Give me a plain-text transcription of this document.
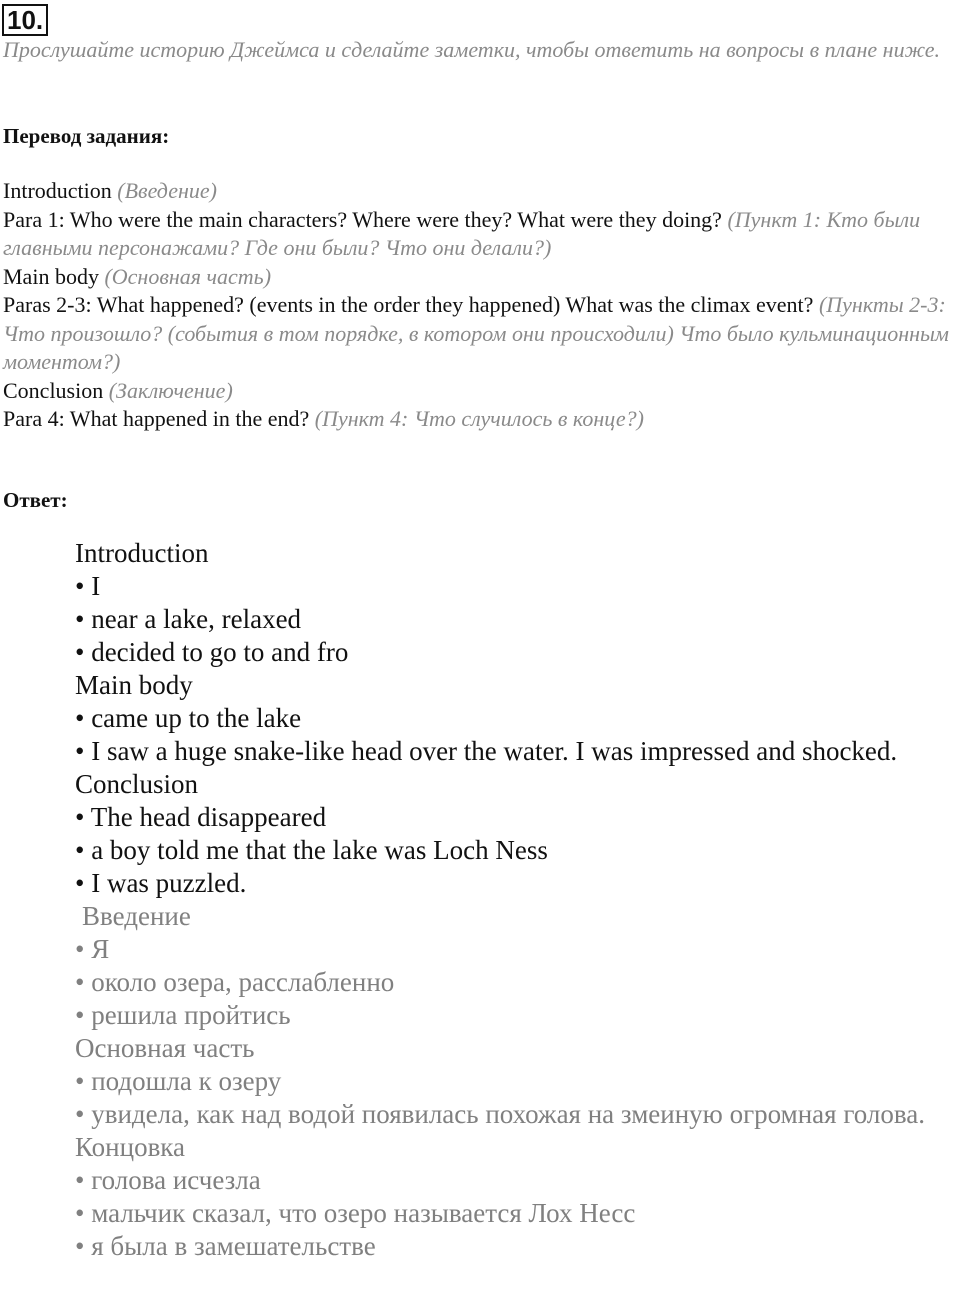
10.
Прослушайте историю Джеймса и сделайте заметки, чтобы ответить на вопросы в плане ниже.
Перевод задания:
Introduction (Введение)
Para 1: Who were the main characters? Where were they? What were they doing? (Пункт 1: Кто были главными персонажами? Где они были? Что они делали?)
Main body (Основная часть)
Paras 2-3: What happened? (events in the order they happened) What was the climax event? (Пункты 2-3: Что произошло? (события в том порядке, в котором они происходили) Что было кульминационным моментом?)
Conclusion (Заключение)
Para 4: What happened in the end? (Пункт 4: Что случилось в конце?)
Ответ:
Introduction
• I
• near a lake, relaxed
• decided to go to and fro
Main body
• came up to the lake
• I saw a huge snake-like head over the water. I was impressed and shocked.
Conclusion
• The head disappeared
• a boy told me that the lake was Loch Ness
• I was puzzled.
Введение
• Я
• около озера, расслабленно
• решила пройтись
Основная часть
• подошла к озеру
• увидела, как над водой появилась похожая на змеиную огромная голова.
Концовка
• голова исчезла
• мальчик сказал, что озеро называется Лох Несс
• я была в замешательстве
